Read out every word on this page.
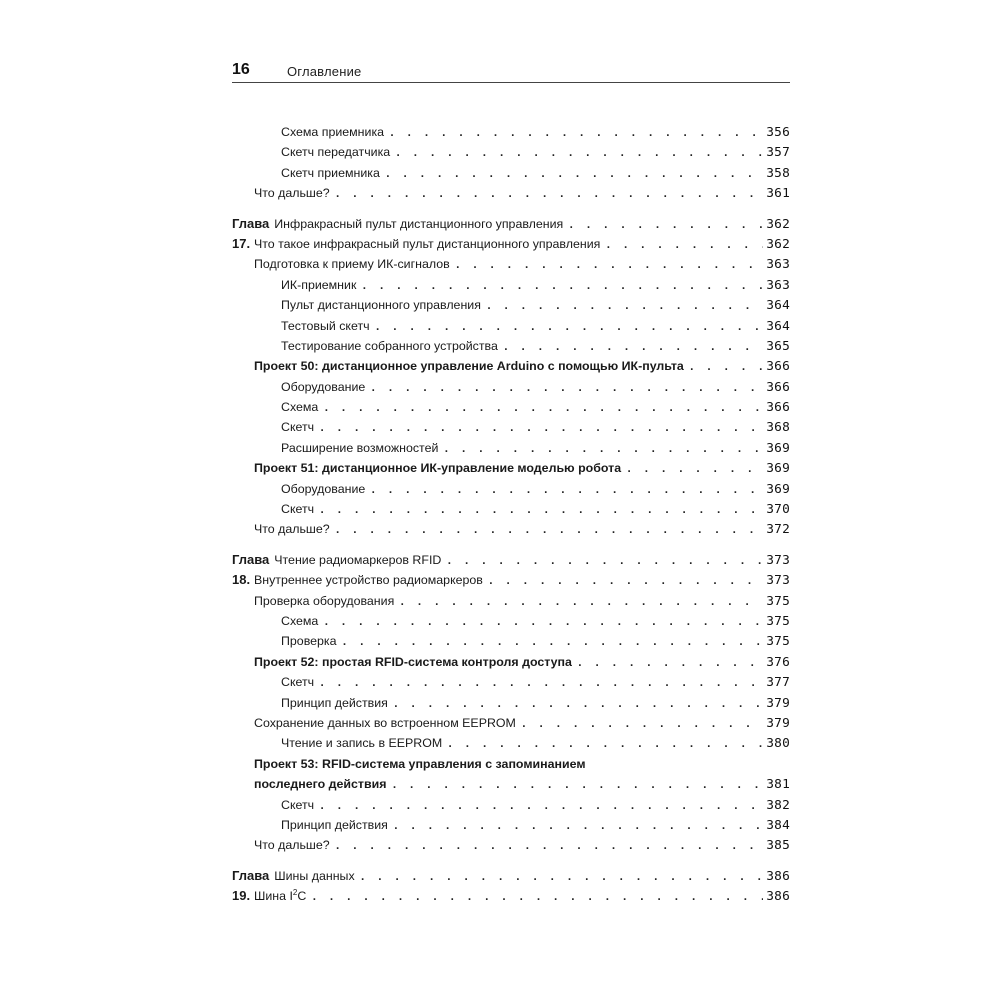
16	Оглавление
Схема приемника . . .	356
Скетч передатчика . . .	357
Скетч приемника . . .	358
Что дальше? . . .	361
Глава 17.
Инфракрасный пульт дистанционного управления . . .	362
Что такое инфракрасный пульт дистанционного управления . . .	362
Подготовка к приему ИК-сигналов . . .	363
ИК-приемник . . .	363
Пульт дистанционного управления . . .	364
Тестовый скетч . . .	364
Тестирование собранного устройства . . .	365
Проект 50: дистанционное управление Arduino с помощью ИК-пульта . . .	366
Оборудование . . .	366
Схема . . .	366
Скетч . . .	368
Расширение возможностей . . .	369
Проект 51: дистанционное ИК-управление моделью робота . . .	369
Оборудование . . .	369
Скетч . . .	370
Что дальше? . . .	372
Глава 18.
Чтение радиомаркеров RFID . . .	373
Внутреннее устройство радиомаркеров . . .	373
Проверка оборудования . . .	375
Схема . . .	375
Проверка . . .	375
Проект 52: простая RFID-система контроля доступа . . .	376
Скетч . . .	377
Принцип действия . . .	379
Сохранение данных во встроенном EEPROM . . .	379
Чтение и запись в EEPROM . . .	380
Проект 53: RFID-система управления с запоминанием
последнего действия . . .	381
Скетч . . .	382
Принцип действия . . .	384
Что дальше? . . .	385
Глава 19.
Шины данных . . .	386
Шина $I^2C$ . . .	386
